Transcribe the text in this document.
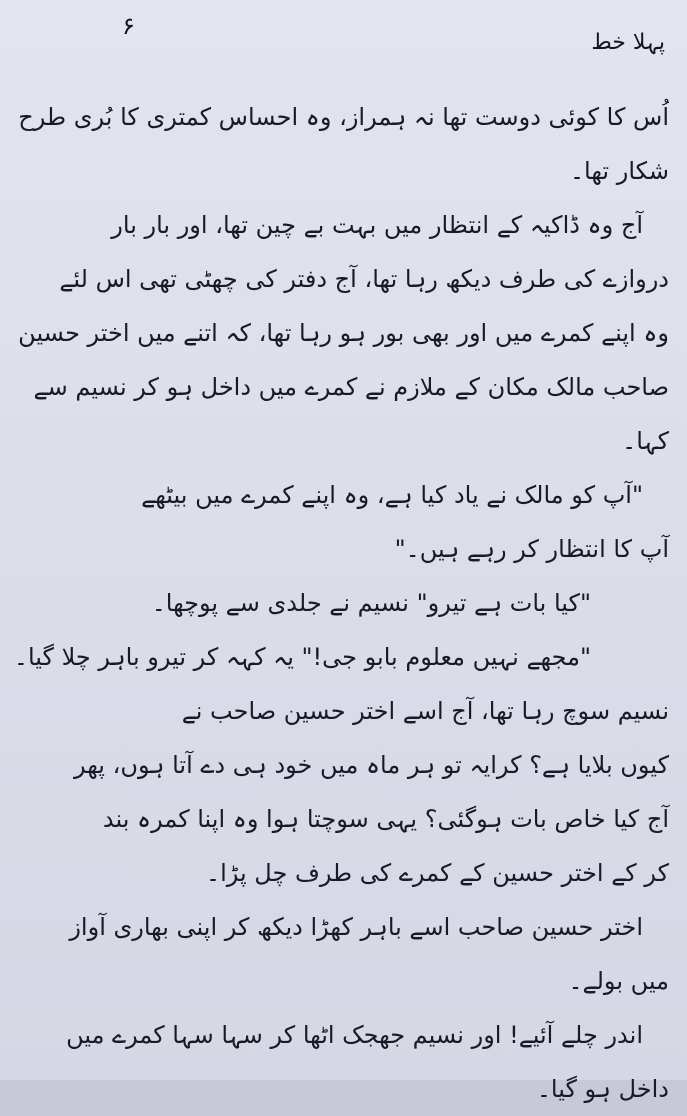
۶
پہلا خط
اُس کا کوئی دوست تھا نہ ہمراز، وہ احساس کمتری کا بُری طرح
شکار تھا۔
آج وہ ڈاکیہ کے انتظار میں بہت بے چین تھا، اور بار بار
دروازے کی طرف دیکھ رہا تھا، آج دفتر کی چھٹی تھی اس لئے
وہ اپنے کمرے میں اور بھی بور ہو رہا تھا، کہ اتنے میں اختر حسین
صاحب مالک مکان کے ملازم نے کمرے میں داخل ہو کر نسیم سے
کہا۔
"آپ کو مالک نے یاد کیا ہے، وہ اپنے کمرے میں بیٹھے
آپ کا انتظار کر رہے ہیں۔"
"کیا بات ہے تیرو" نسیم نے جلدی سے پوچھا۔
"مجھے نہیں معلوم بابو جی!" یہ کہہ کر تیرو باہر چلا گیا۔
نسیم سوچ رہا تھا، آج اسے اختر حسین صاحب نے
کیوں بلایا ہے؟ کرایہ تو ہر ماہ میں خود ہی دے آتا ہوں، پھر
آج کیا خاص بات ہوگئی؟ یہی سوچتا ہوا وہ اپنا کمرہ بند
کر کے اختر حسین کے کمرے کی طرف چل پڑا۔
اختر حسین صاحب اسے باہر کھڑا دیکھ کر اپنی بھاری آواز
میں بولے۔
اندر چلے آئیے! اور نسیم جھجک اٹھا کر سہا سہا کمرے میں
داخل ہو گیا۔
